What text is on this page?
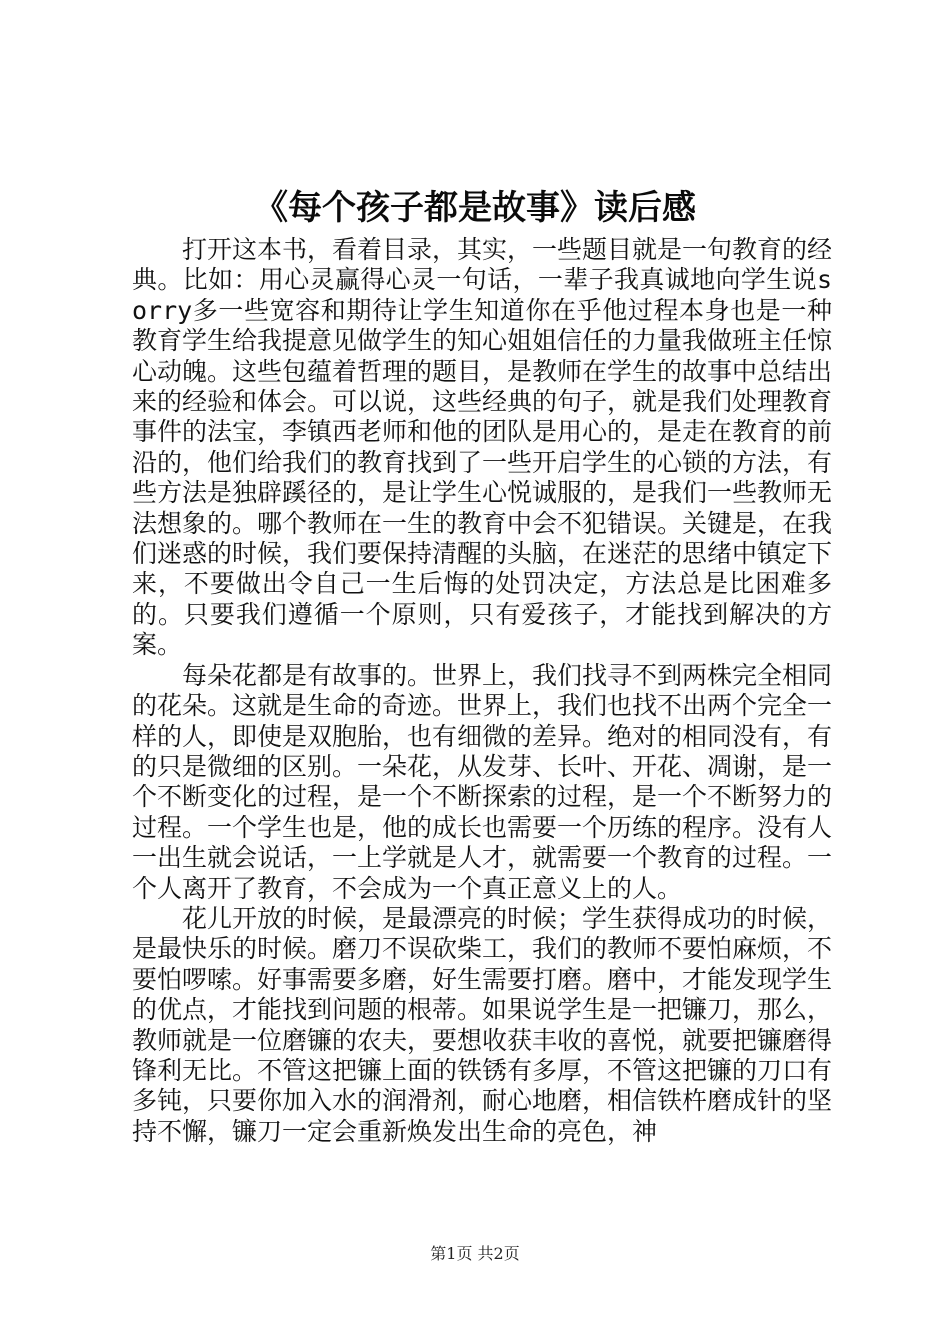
《每个孩子都是故事》读后感

打开这本书，看着目录，其实，一些题目就是一句教育的经典。比如：用心灵赢得心灵一句话，一辈子我真诚地向学生说sorry多一些宽容和期待让学生知道你在乎他过程本身也是一种教育学生给我提意见做学生的知心姐姐信任的力量我做班主任惊心动魄。这些包蕴着哲理的题目，是教师在学生的故事中总结出来的经验和体会。可以说，这些经典的句子，就是我们处理教育事件的法宝，李镇西老师和他的团队是用心的，是走在教育的前沿的，他们给我们的教育找到了一些开启学生的心锁的方法，有些方法是独辟蹊径的，是让学生心悦诚服的，是我们一些教师无法想象的。哪个教师在一生的教育中会不犯错误。关键是，在我们迷惑的时候，我们要保持清醒的头脑，在迷茫的思绪中镇定下来，不要做出令自己一生后悔的处罚决定，方法总是比困难多的。只要我们遵循一个原则，只有爱孩子，才能找到解决的方案。

每朵花都是有故事的。世界上，我们找寻不到两株完全相同的花朵。这就是生命的奇迹。世界上，我们也找不出两个完全一样的人，即使是双胞胎，也有细微的差异。绝对的相同没有，有的只是微细的区别。一朵花，从发芽、长叶、开花、凋谢，是一个不断变化的过程，是一个不断探索的过程，是一个不断努力的过程。一个学生也是，他的成长也需要一个历练的程序。没有人一出生就会说话，一上学就是人才，就需要一个教育的过程。一个人离开了教育，不会成为一个真正意义上的人。

花儿开放的时候，是最漂亮的时候；学生获得成功的时候，是最快乐的时候。磨刀不误砍柴工，我们的教师不要怕麻烦，不要怕啰嗦。好事需要多磨，好生需要打磨。磨中，才能发现学生的优点，才能找到问题的根蒂。如果说学生是一把镰刀，那么，教师就是一位磨镰的农夫，要想收获丰收的喜悦，就要把镰磨得锋利无比。不管这把镰上面的铁锈有多厚，不管这把镰的刀口有多钝，只要你加入水的润滑剂，耐心地磨，相信铁杵磨成针的坚持不懈，镰刀一定会重新焕发出生命的亮色，神

第1页 共2页
